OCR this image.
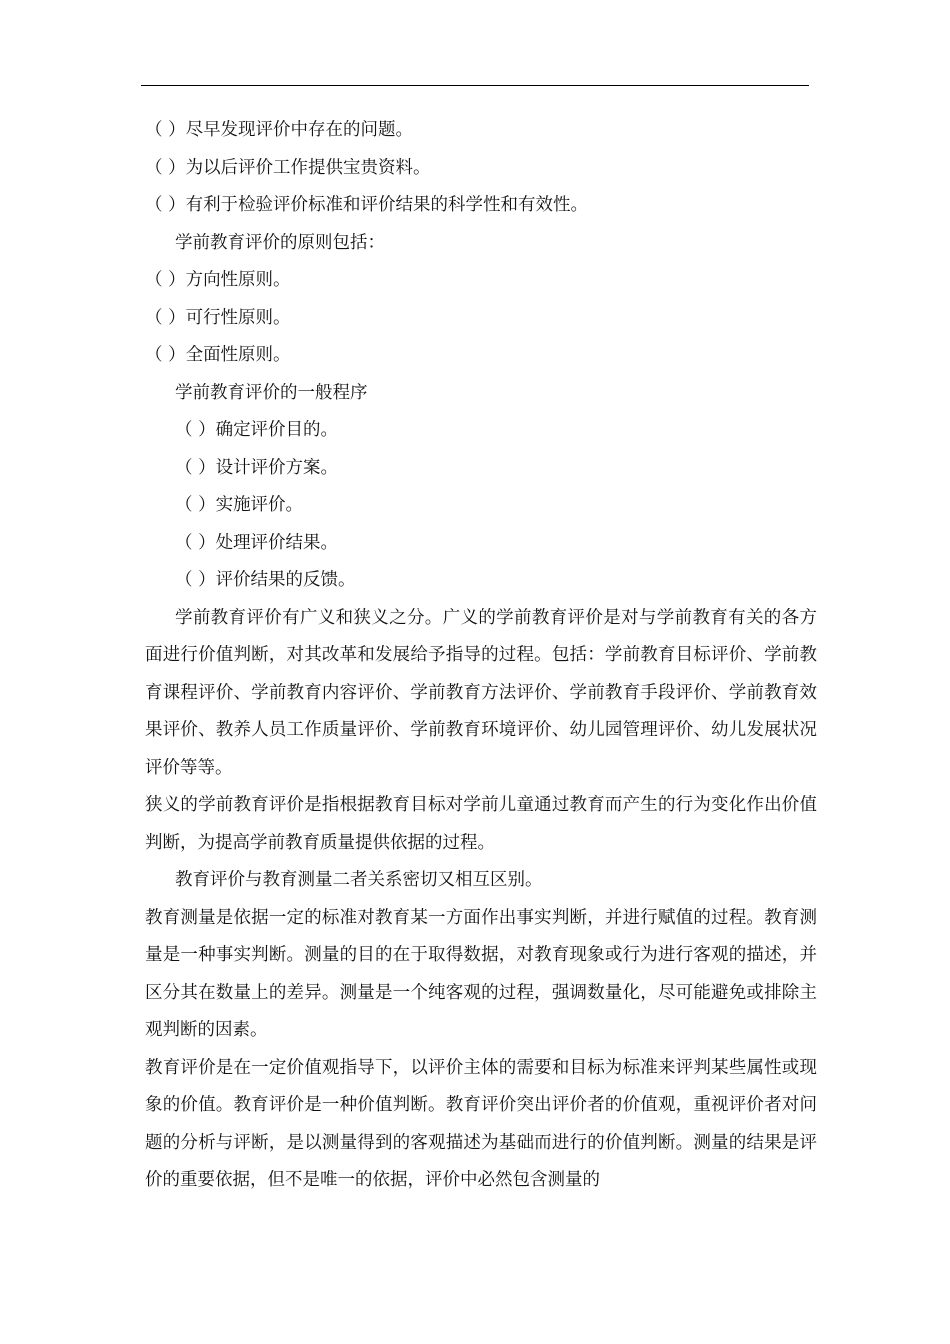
（ ）尽早发现评价中存在的问题。
（ ）为以后评价工作提供宝贵资料。
（ ）有利于检验评价标准和评价结果的科学性和有效性。
学前教育评价的原则包括：
（ ）方向性原则。
（ ）可行性原则。
（ ）全面性原则。
学前教育评价的一般程序
（ ）确定评价目的。
（ ）设计评价方案。
（ ）实施评价。
（ ）处理评价结果。
（ ）评价结果的反馈。
学前教育评价有广义和狭义之分。广义的学前教育评价是对与学前教育有关的各方面进行价值判断，对其改革和发展给予指导的过程。包括：学前教育目标评价、学前教育课程评价、学前教育内容评价、学前教育方法评价、学前教育手段评价、学前教育效果评价、教养人员工作质量评价、学前教育环境评价、幼儿园管理评价、幼儿发展状况评价等等。
狭义的学前教育评价是指根据教育目标对学前儿童通过教育而产生的行为变化作出价值判断，为提高学前教育质量提供依据的过程。
教育评价与教育测量二者关系密切又相互区别。
教育测量是依据一定的标准对教育某一方面作出事实判断，并进行赋值的过程。教育测量是一种事实判断。测量的目的在于取得数据，对教育现象或行为进行客观的描述，并区分其在数量上的差异。测量是一个纯客观的过程，强调数量化，尽可能避免或排除主观判断的因素。
教育评价是在一定价值观指导下，以评价主体的需要和目标为标准来评判某些属性或现象的价值。教育评价是一种价值判断。教育评价突出评价者的价值观，重视评价者对问题的分析与评断，是以测量得到的客观描述为基础而进行的价值判断。测量的结果是评价的重要依据，但不是唯一的依据，评价中必然包含测量的
